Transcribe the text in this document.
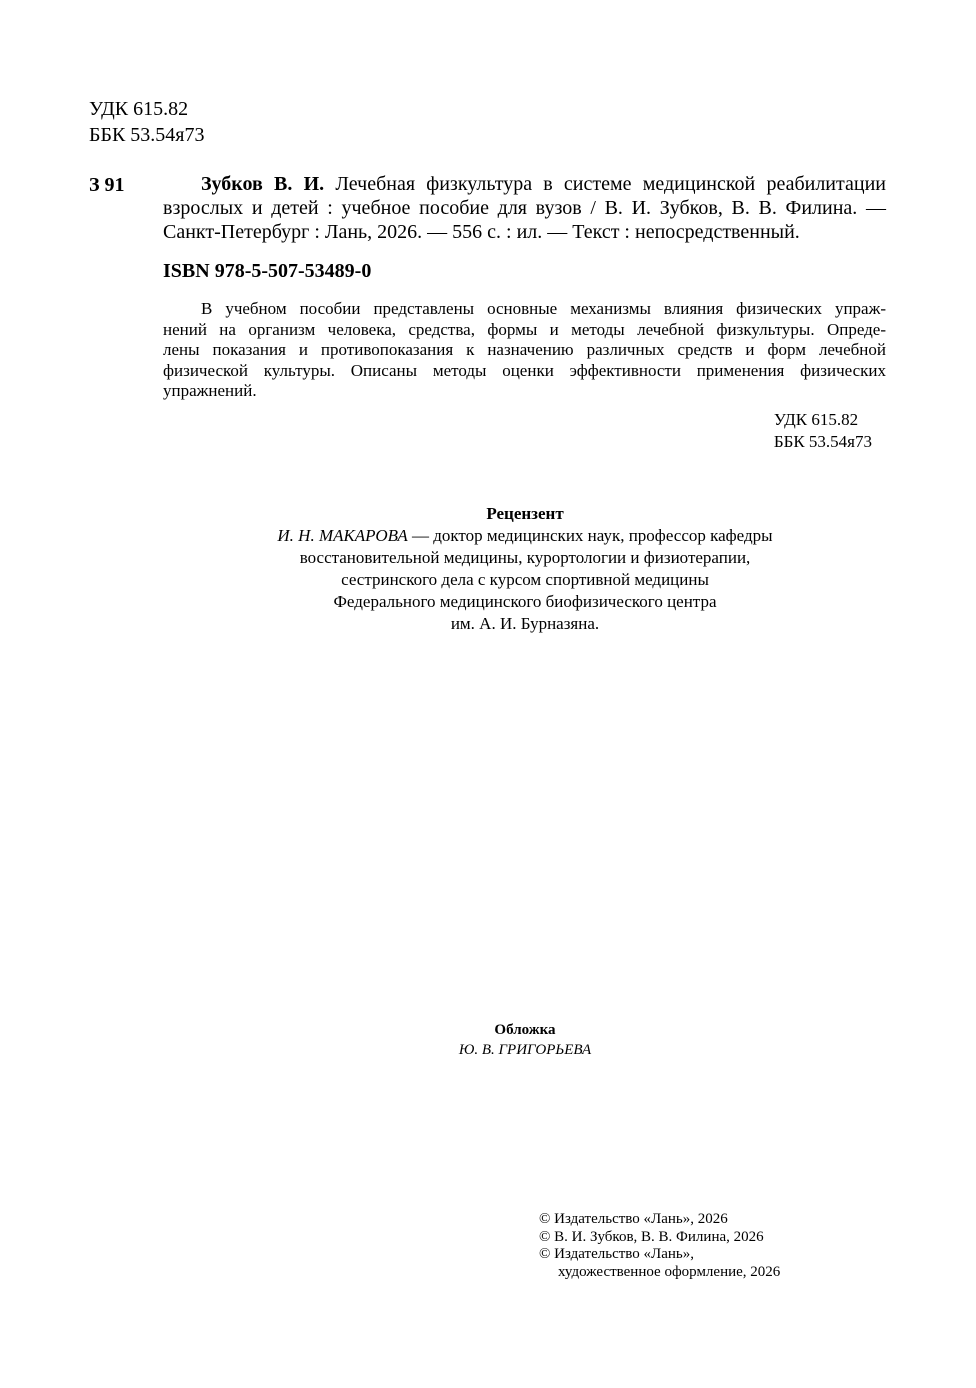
УДК 615.82
ББК 53.54я73
З 91	Зубков В. И. Лечебная физкультура в системе медицинской реабилитации
взрослых и детей : учебное пособие для вузов / В. И. Зубков, В. В. Филина. —
Санкт-Петербург : Лань, 2026. — 556 с. : ил. — Текст : непосредственный.
ISBN 978-5-507-53489-0
В учебном пособии представлены основные механизмы влияния физических упраж-
нений на организм человека, средства, формы и методы лечебной физкультуры. Опреде-
лены показания и противопоказания к назначению различных средств и форм лечебной
физической культуры. Описаны методы оценки эффективности применения физических
упражнений.
УДК 615.82
ББК 53.54я73
Рецензент
И. Н. МАКАРОВА — доктор медицинских наук, профессор кафедры
восстановительной медицины, курортологии и физиотерапии,
сестринского дела с курсом спортивной медицины
Федерального медицинского биофизического центра
им. А. И. Бурназяна.
Обложка
Ю. В. ГРИГОРЬЕВА
© Издательство «Лань», 2026
© В. И. Зубков, В. В. Филина, 2026
© Издательство «Лань»,
художественное оформление, 2026
